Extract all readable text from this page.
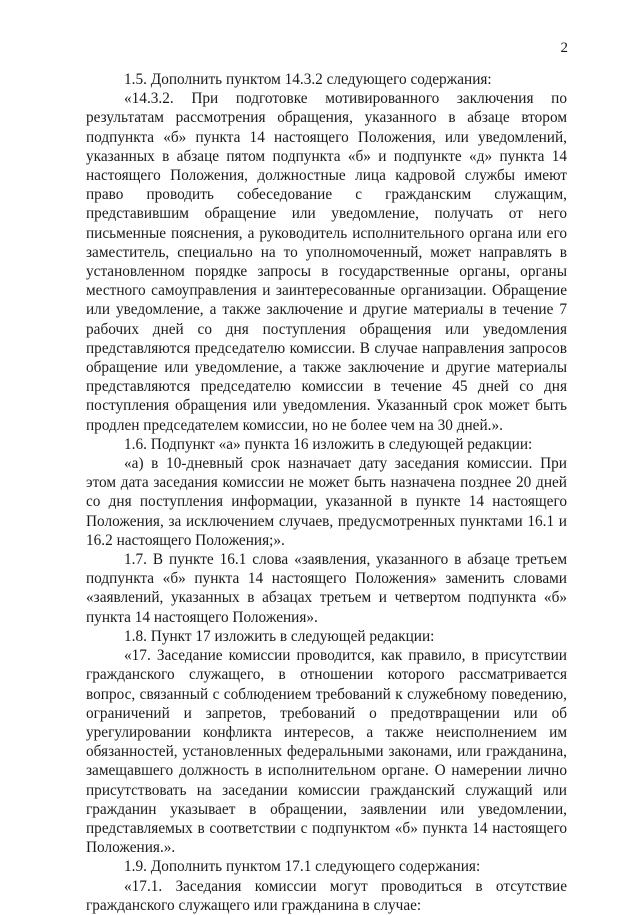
2

1.5. Дополнить пунктом 14.3.2 следующего содержания:

«14.3.2. При подготовке мотивированного заключения по результатам рассмотрения обращения, указанного в абзаце втором подпункта «б» пункта 14 настоящего Положения, или уведомлений, указанных в абзаце пятом подпункта «б» и подпункте «д» пункта 14 настоящего Положения, должностные лица кадровой службы имеют право проводить собеседование с гражданским служащим, представившим обращение или уведомление, получать от него письменные пояснения, а руководитель исполнительного органа или его заместитель, специально на то уполномоченный, может направлять в установленном порядке запросы в государственные органы, органы местного самоуправления и заинтересованные организации. Обращение или уведомление, а также заключение и другие материалы в течение 7 рабочих дней со дня поступления обращения или уведомления представляются председателю комиссии. В случае направления запросов обращение или уведомление, а также заключение и другие материалы представляются председателю комиссии в течение 45 дней со дня поступления обращения или уведомления. Указанный срок может быть продлен председателем комиссии, но не более чем на 30 дней.».

1.6. Подпункт «а» пункта 16 изложить в следующей редакции:

«а) в 10-дневный срок назначает дату заседания комиссии. При этом дата заседания комиссии не может быть назначена позднее 20 дней со дня поступления информации, указанной в пункте 14 настоящего Положения, за исключением случаев, предусмотренных пунктами 16.1 и 16.2 настоящего Положения;».

1.7. В пункте 16.1 слова «заявления, указанного в абзаце третьем подпункта «б» пункта 14 настоящего Положения» заменить словами «заявлений, указанных в абзацах третьем и четвертом подпункта «б» пункта 14 настоящего Положения».

1.8. Пункт 17 изложить в следующей редакции:

«17. Заседание комиссии проводится, как правило, в присутствии гражданского служащего, в отношении которого рассматривается вопрос, связанный с соблюдением требований к служебному поведению, ограничений и запретов, требований о предотвращении или об урегулировании конфликта интересов, а также неисполнением им обязанностей, установленных федеральными законами, или гражданина, замещавшего должность в исполнительном органе. О намерении лично присутствовать на заседании комиссии гражданский служащий или гражданин указывает в обращении, заявлении или уведомлении, представляемых в соответствии с подпунктом «б» пункта 14 настоящего Положения.».

1.9. Дополнить пунктом 17.1 следующего содержания:

«17.1. Заседания комиссии могут проводиться в отсутствие гражданского служащего или гражданина в случае:
